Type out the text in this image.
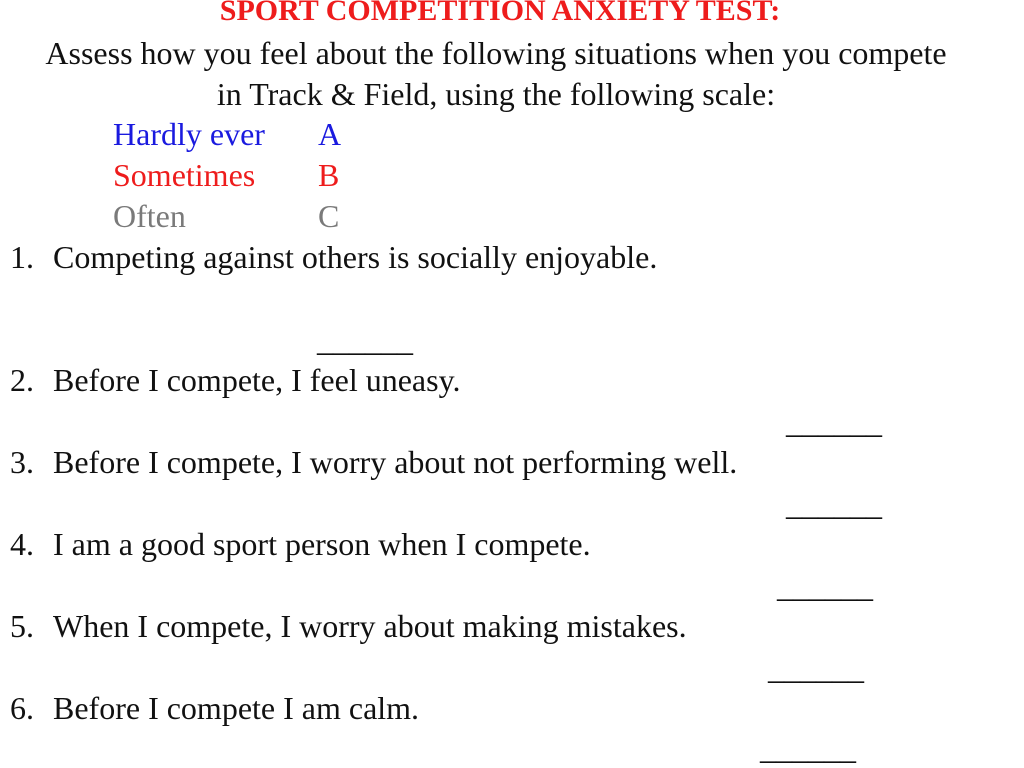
SPORT COMPETITION ANXIETY TEST:
Assess how you feel about the following situations when you compete
in Track & Field, using the following scale:
Hardly ever A
Sometimes B
Often	C
1. Competing against others is socially enjoyable.
______
2. Before I compete, I feel uneasy.
______
3. Before I compete, I worry about not performing well.
______
4. I am a good sport person when I compete.
______
5. When I compete, I worry about making mistakes.
______
6. Before I compete I am calm.
______
